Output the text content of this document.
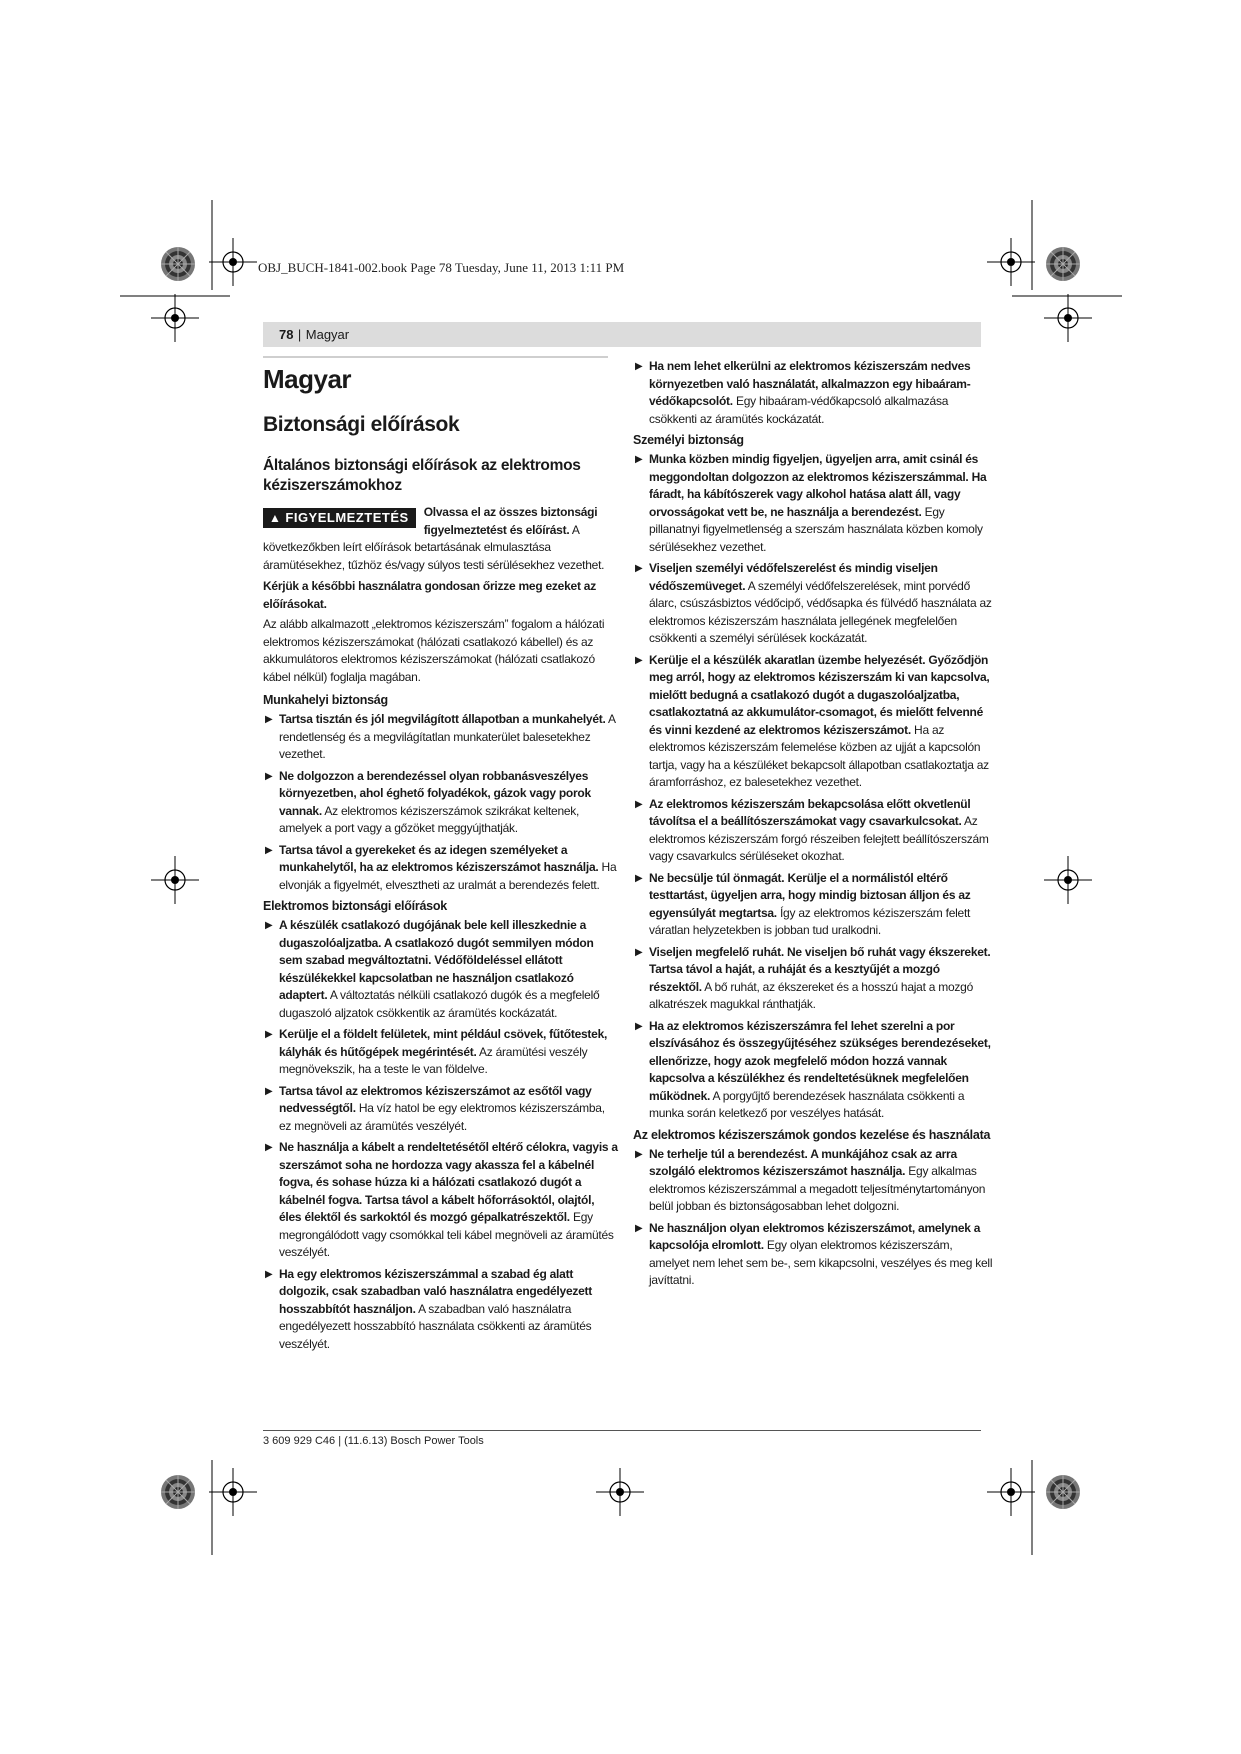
OBJ_BUCH-1841-002.book Page 78 Tuesday, June 11, 2013 1:11 PM
78 | Magyar
Magyar
Biztonsági előírások
Általános biztonsági előírások az elektromos kéziszerszámokhoz

▲ FIGYELMEZTETÉS	Olvassa el az összes biztonsági figyelmeztetést és előírást. A következőkben leírt előírások betartásának elmulasztása áramütésekhez, tűzhöz és/vagy súlyos testi sérülésekhez vezethet.

Kérjük a későbbi használatra gondosan őrizze meg ezeket az előírásokat.

Az alább alkalmazott „elektromos kéziszerszám” fogalom a hálózati elektromos kéziszerszámokat (hálózati csatlakozó kábellel) és az akkumulátoros elektromos kéziszerszámokat (hálózati csatlakozó kábel nélkül) foglalja magában.

Munkahelyi biztonság
▶ Tartsa tisztán és jól megvilágított állapotban a munkahelyét. A rendetlenség és a megvilágítatlan munkaterület balesetekhez vezethet.
▶ Ne dolgozzon a berendezéssel olyan robbanásveszélyes környezetben, ahol éghető folyadékok, gázok vagy porok vannak. Az elektromos kéziszerszámok szikrákat keltenek, amelyek a port vagy a gőzöket meggyújthatják.
▶ Tartsa távol a gyerekeket és az idegen személyeket a munkahelytől, ha az elektromos kéziszerszámot használja. Ha elvonják a figyelmét, elvesztheti az uralmát a berendezés felett.
Elektromos biztonsági előírások
▶ A készülék csatlakozó dugójának bele kell illeszkednie a dugaszolóaljzatba. A csatlakozó dugót semmilyen módon sem szabad megváltoztatni. Védőföldeléssel ellátott készülékekkel kapcsolatban ne használjon csatlakozó adaptert. A változtatás nélküli csatlakozó dugók és a megfelelő dugaszoló aljzatok csökkentik az áramütés kockázatát.
▶ Kerülje el a földelt felületek, mint például csövek, fűtőtestek, kályhák és hűtőgépek megérintését. Az áramütési veszély megnövekszik, ha a teste le van földelve.
▶ Tartsa távol az elektromos kéziszerszámot az esőtől vagy nedvességtől. Ha víz hatol be egy elektromos kéziszerszámba, ez megnöveli az áramütés veszélyét.
▶ Ne használja a kábelt a rendeltetésétől eltérő célokra, vagyis a szerszámot soha ne hordozza vagy akassza fel a kábelnél fogva, és sohase húzza ki a hálózati csatlakozó dugót a kábelnél fogva. Tartsa távol a kábelt hőforrásoktól, olajtól, éles élektől és sarkoktól és mozgó gépalkatrészektől. Egy megrongálódott vagy csomókkal teli kábel megnöveli az áramütés veszélyét.
▶ Ha egy elektromos kéziszerszámmal a szabad ég alatt dolgozik, csak szabadban való használatra engedélyezett hosszabbítót használjon. A szabadban való használatra engedélyezett hosszabbító használata csökkenti az áramütés veszélyét.
▶ Ha nem lehet elkerülni az elektromos kéziszerszám nedves környezetben való használatát, alkalmazzon egy hibaáram-védőkapcsolót. Egy hibaáram-védőkapcsoló alkalmazása csökkenti az áramütés kockázatát.
Személyi biztonság
▶ Munka közben mindig figyeljen, ügyeljen arra, amit csinál és meggondoltan dolgozzon az elektromos kéziszerszámmal. Ha fáradt, ha kábítószerek vagy alkohol hatása alatt áll, vagy orvosságokat vett be, ne használja a berendezést. Egy pillanatnyi figyelmetlenség a szerszám használata közben komoly sérülésekhez vezethet.
▶ Viseljen személyi védőfelszerelést és mindig viseljen védőszemüveget. A személyi védőfelszerelések, mint porvédő álarc, csúszásbiztos védőcipő, védősapka és fülvédő használata az elektromos kéziszerszám használata jellegének megfelelően csökkenti a személyi sérülések kockázatát.
▶ Kerülje el a készülék akaratlan üzembe helyezését. Győződjön meg arról, hogy az elektromos kéziszerszám ki van kapcsolva, mielőtt bedugná a csatlakozó dugót a dugaszolóaljzatba, csatlakoztatná az akkumulátor-csomagot, és mielőtt felvenné és vinni kezdené az elektromos kéziszerszámot. Ha az elektromos kéziszerszám felemelése közben az ujját a kapcsolón tartja, vagy ha a készüléket bekapcsolt állapotban csatlakoztatja az áramforráshoz, ez balesetekhez vezethet.
▶ Az elektromos kéziszerszám bekapcsolása előtt okvetlenül távolítsa el a beállítószerszámokat vagy csavarkulcsokat. Az elektromos kéziszerszám forgó részeiben felejtett beállítószerszám vagy csavarkulcs sérüléseket okozhat.
▶ Ne becsülje túl önmagát. Kerülje el a normálistól eltérő testtartást, ügyeljen arra, hogy mindig biztosan álljon és az egyensúlyát megtartsa. Így az elektromos kéziszerszám felett váratlan helyzetekben is jobban tud uralkodni.
▶ Viseljen megfelelő ruhát. Ne viseljen bő ruhát vagy ékszereket. Tartsa távol a haját, a ruháját és a kesztyűjét a mozgó részektől. A bő ruhát, az ékszereket és a hosszú hajat a mozgó alkatrészek magukkal ránthatják.
▶ Ha az elektromos kéziszerszámra fel lehet szerelni a por elszívásához és összegyűjtéséhez szükséges berendezéseket, ellenőrizze, hogy azok megfelelő módon hozzá vannak kapcsolva a készülékhez és rendeltetésüknek megfelelően működnek. A porgyűjtő berendezések használata csökkenti a munka során keletkező por veszélyes hatását.
Az elektromos kéziszerszámok gondos kezelése és használata
▶ Ne terhelje túl a berendezést. A munkájához csak az arra szolgáló elektromos kéziszerszámot használja. Egy alkalmas elektromos kéziszerszámmal a megadott teljesítménytartományon belül jobban és biztonságosabban lehet dolgozni.
▶ Ne használjon olyan elektromos kéziszerszámot, amelynek a kapcsolója elromlott. Egy olyan elektromos kéziszerszám, amelyet nem lehet sem be-, sem kikapcsolni, veszélyes és meg kell javíttatni.
3 609 929 C46 | (11.6.13) Bosch Power Tools
